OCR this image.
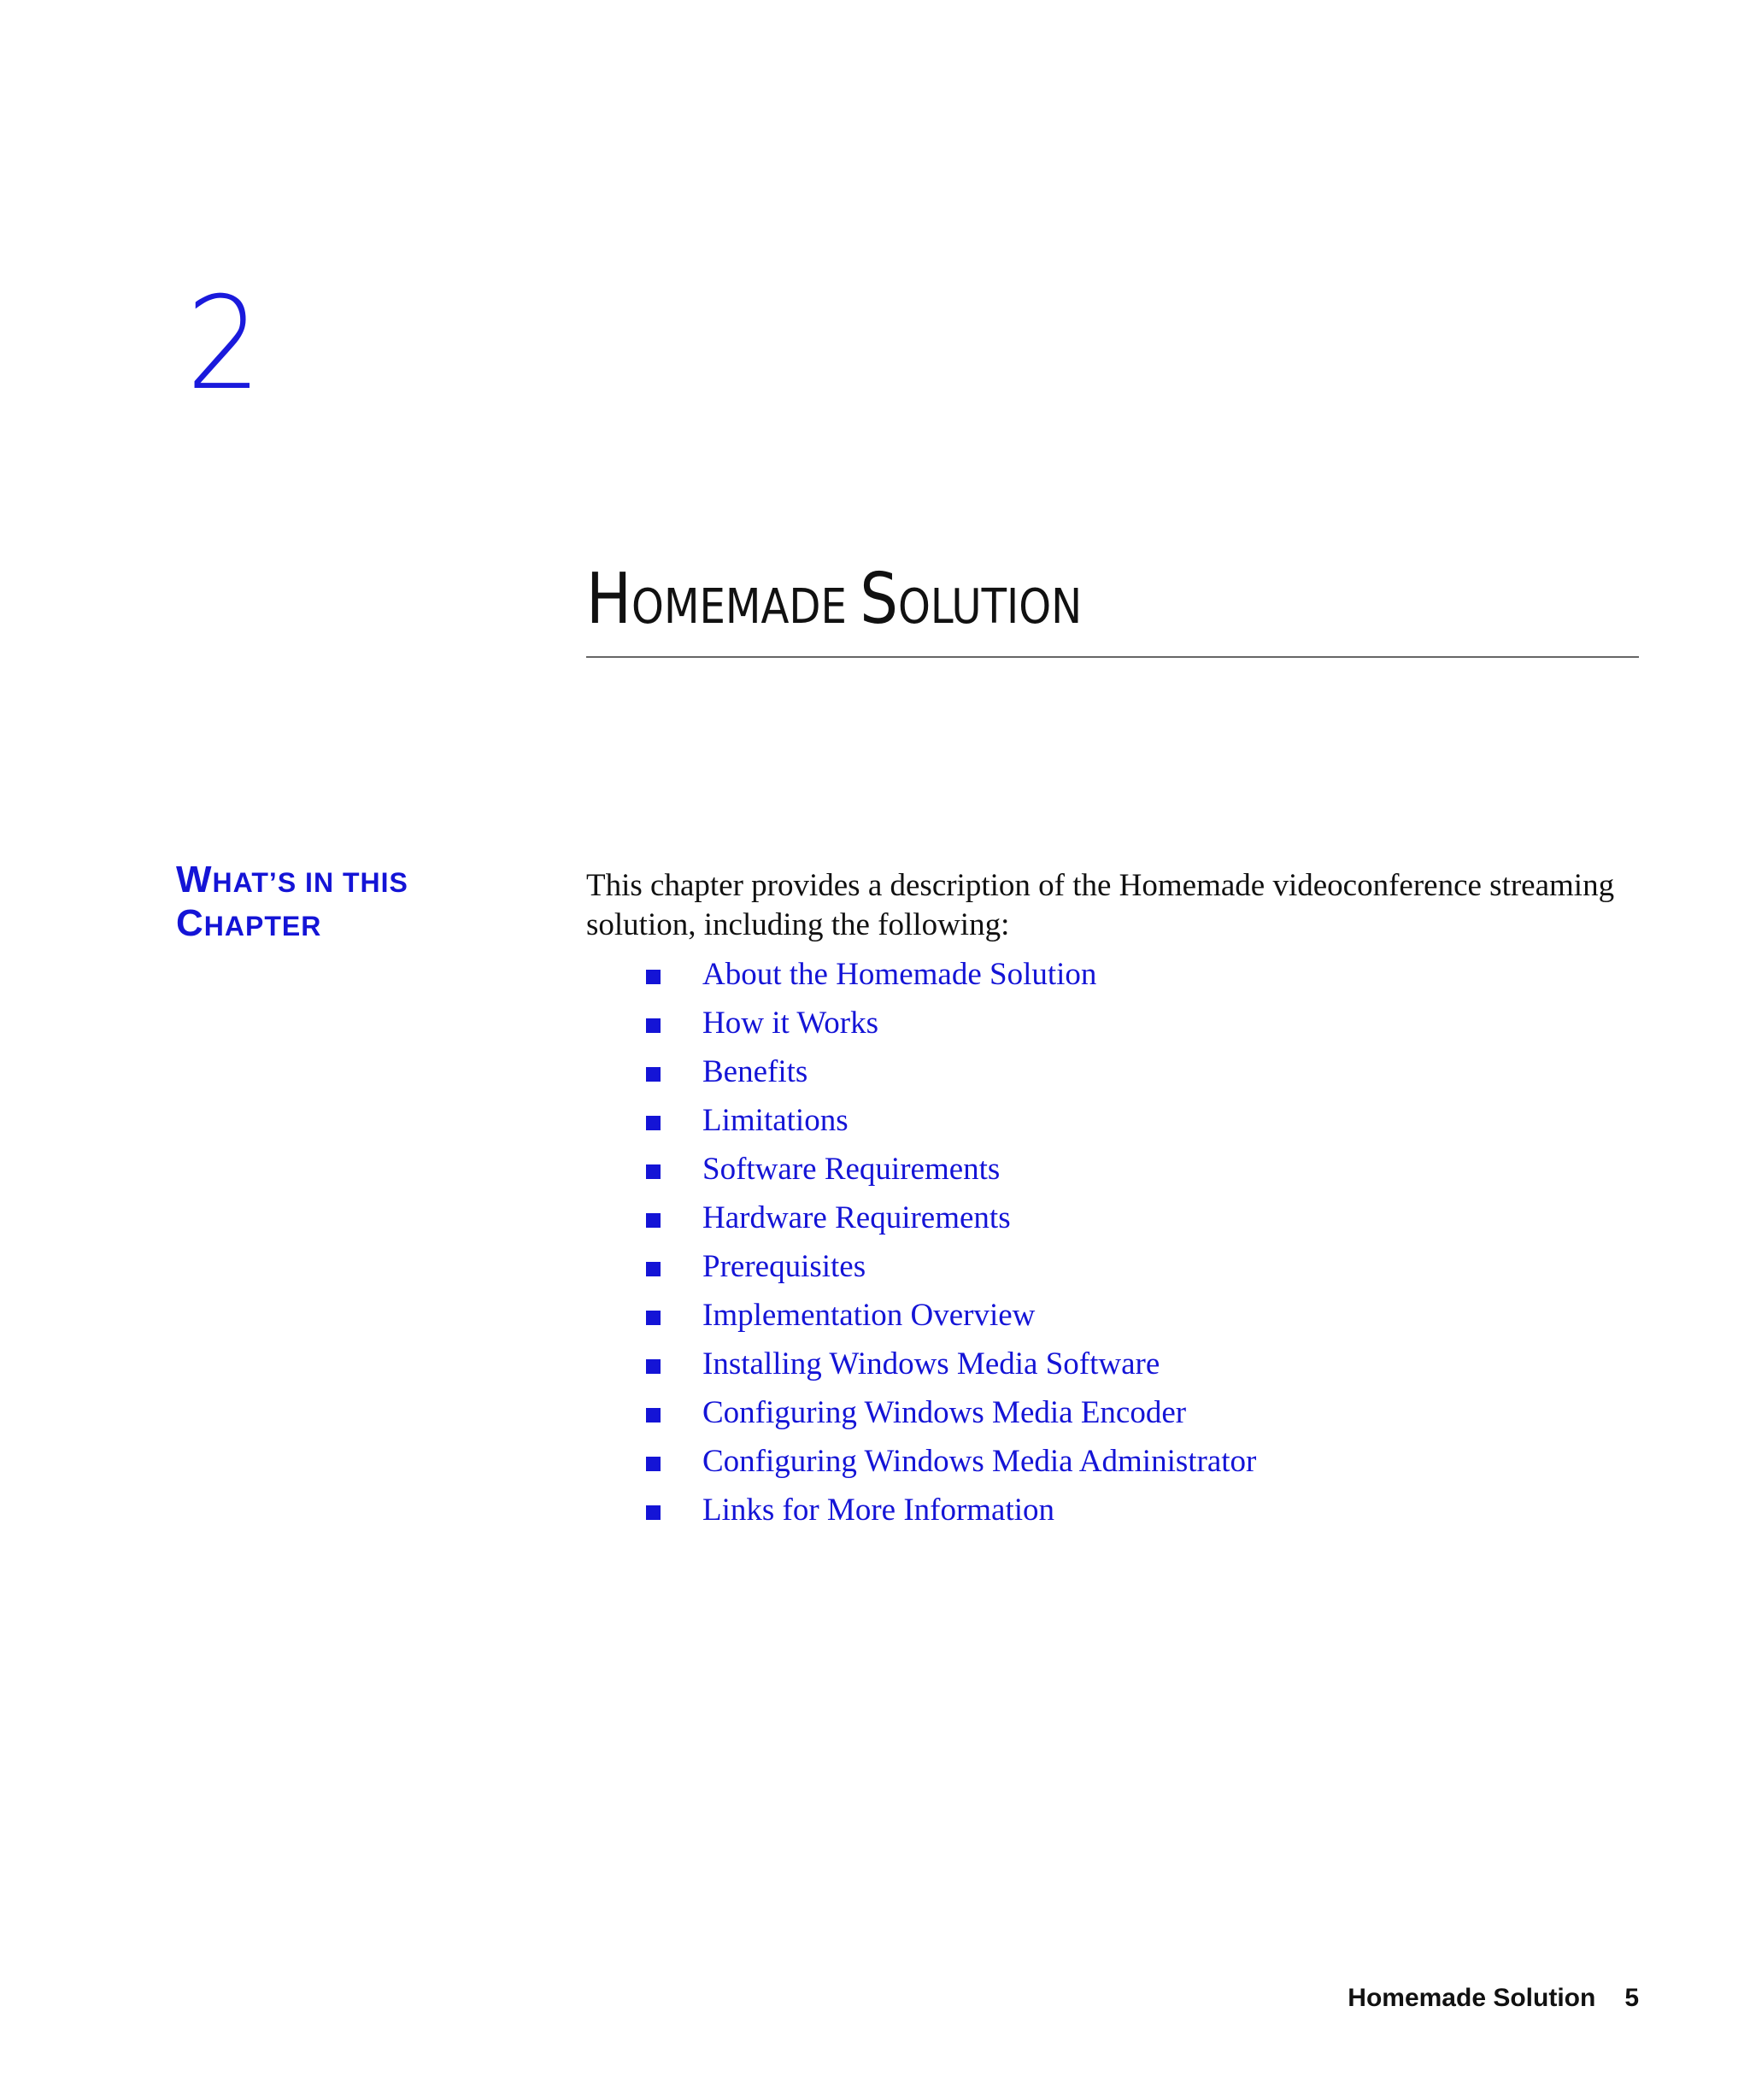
2
HOMEMADE SOLUTION
WHAT’S IN THIS
CHAPTER
This chapter provides a description of the Homemade videoconference streaming solution, including the following:
About the Homemade Solution
How it Works
Benefits
Limitations
Software Requirements
Hardware Requirements
Prerequisites
Implementation Overview
Installing Windows Media Software
Configuring Windows Media Encoder
Configuring Windows Media Administrator
Links for More Information
Homemade Solution 5
